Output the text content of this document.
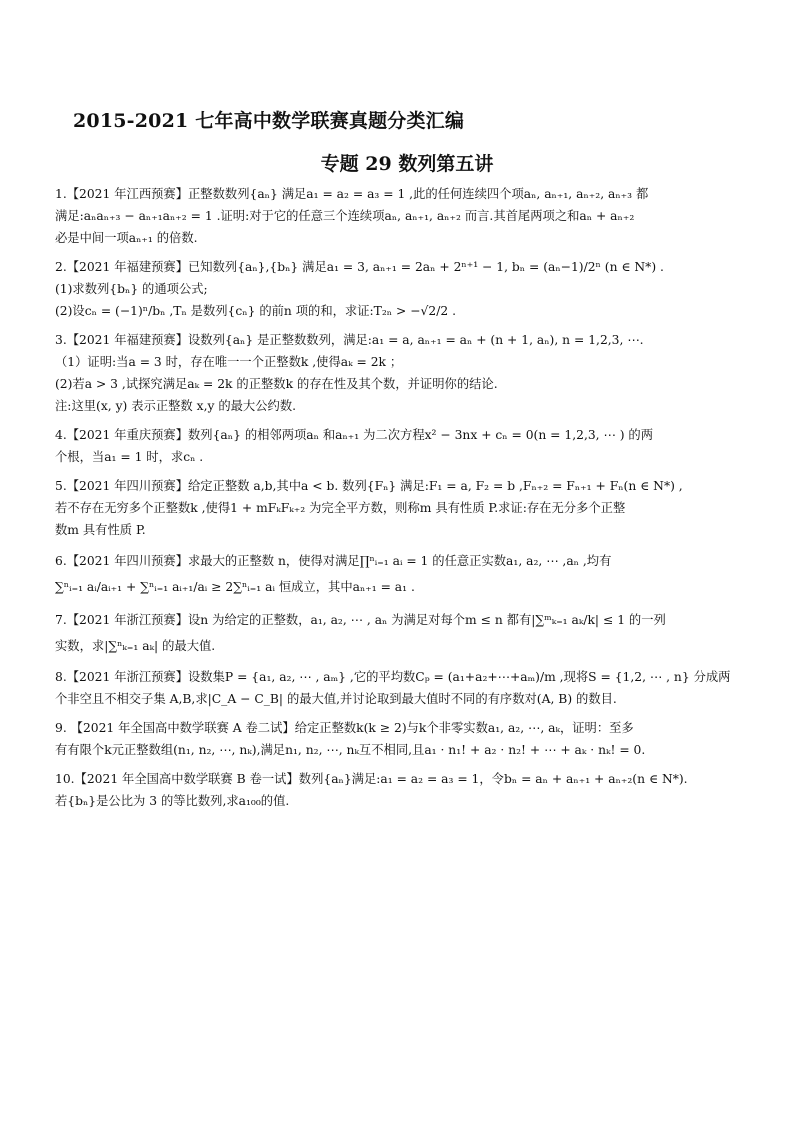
2015-2021 七年高中数学联赛真题分类汇编
专题 29 数列第五讲
1.【2021 年江西预赛】正整数数列{aₙ} 满足a₁ = a₂ = a₃ = 1 ,此的任何连续四个项aₙ, aₙ₊₁, aₙ₊₂, aₙ₊₃ 都
满足:aₙaₙ₊₃ − aₙ₊₁aₙ₊₂ = 1 .证明:对于它的任意三个连续项aₙ, aₙ₊₁, aₙ₊₂ 而言.其首尾两项之和aₙ + aₙ₊₂
必是中间一项aₙ₊₁ 的倍数.
2.【2021 年福建预赛】已知数列{aₙ},{bₙ} 满足a₁ = 3, aₙ₊₁ = 2aₙ + 2ⁿ⁺¹ − 1, bₙ = (aₙ−1)/2ⁿ (n ∈ N*) .
(1)求数列{bₙ} 的通项公式;
(2)设cₙ = (−1)ⁿ/bₙ ,Tₙ 是数列{cₙ} 的前n 项的和，求证:T₂ₙ > −√2/2 .
3.【2021 年福建预赛】设数列{aₙ} 是正整数数列，满足:a₁ = a, aₙ₊₁ = aₙ + (n + 1, aₙ), n = 1,2,3, ⋯.
（1）证明:当a = 3 时，存在唯一一个正整数k ,使得aₖ = 2k ；
(2)若a > 3 ,试探究满足aₖ = 2k 的正整数k 的存在性及其个数，并证明你的结论.
注:这里(x, y) 表示正整数 x,y 的最大公约数.
4.【2021 年重庆预赛】数列{aₙ} 的相邻两项aₙ 和aₙ₊₁ 为二次方程x² − 3nx + cₙ = 0(n = 1,2,3, ⋯ ) 的两
个根，当a₁ = 1 时，求cₙ .
5.【2021 年四川预赛】给定正整数 a,b,其中a < b. 数列{Fₙ} 满足:F₁ = a, F₂ = b ,Fₙ₊₂ = Fₙ₊₁ + Fₙ(n ∈ N*) ,
若不存在无穷多个正整数k ,使得1 + mFₖFₖ₊₂ 为完全平方数，则称m 具有性质 P.求证:存在无分多个正整
数m 具有性质 P.
6.【2021 年四川预赛】求最大的正整数 n，使得对满足∏ⁿᵢ₌₁ aᵢ = 1 的任意正实数a₁, a₂, ⋯ ,aₙ ,均有
∑ⁿᵢ₌₁ aᵢ/aᵢ₊₁ + ∑ⁿᵢ₌₁ aᵢ₊₁/aᵢ ≥ 2∑ⁿᵢ₌₁ aᵢ 恒成立，其中aₙ₊₁ = a₁ .
7.【2021 年浙江预赛】设n 为给定的正整数，a₁, a₂, ⋯ , aₙ 为满足对每个m ≤ n 都有|∑ᵐₖ₌₁ aₖ/k| ≤ 1 的一列
实数，求|∑ⁿₖ₌₁ aₖ| 的最大值.
8.【2021 年浙江预赛】设数集P = {a₁, a₂, ⋯ , aₘ} ,它的平均数Cₚ = (a₁+a₂+⋯+aₘ)/m ,现将S = {1,2, ⋯ , n} 分成两
个非空且不相交子集 A,B,求|C_A − C_B| 的最大值,并讨论取到最大值时不同的有序数对(A, B) 的数目.
9. 【2021 年全国高中数学联赛 A 卷二试】给定正整数k(k ≥ 2)与k个非零实数a₁, a₂, ⋯, aₖ，证明：至多
有有限个k元正整数组(n₁, n₂, ⋯, nₖ),满足n₁, n₂, ⋯, nₖ互不相同,且a₁ · n₁! + a₂ · n₂! + ⋯ + aₖ · nₖ! = 0.
10.【2021 年全国高中数学联赛 B 卷一试】数列{aₙ}满足:a₁ = a₂ = a₃ = 1，令bₙ = aₙ + aₙ₊₁ + aₙ₊₂(n ∈ N*).
若{bₙ}是公比为 3 的等比数列,求a₁₀₀的值.
